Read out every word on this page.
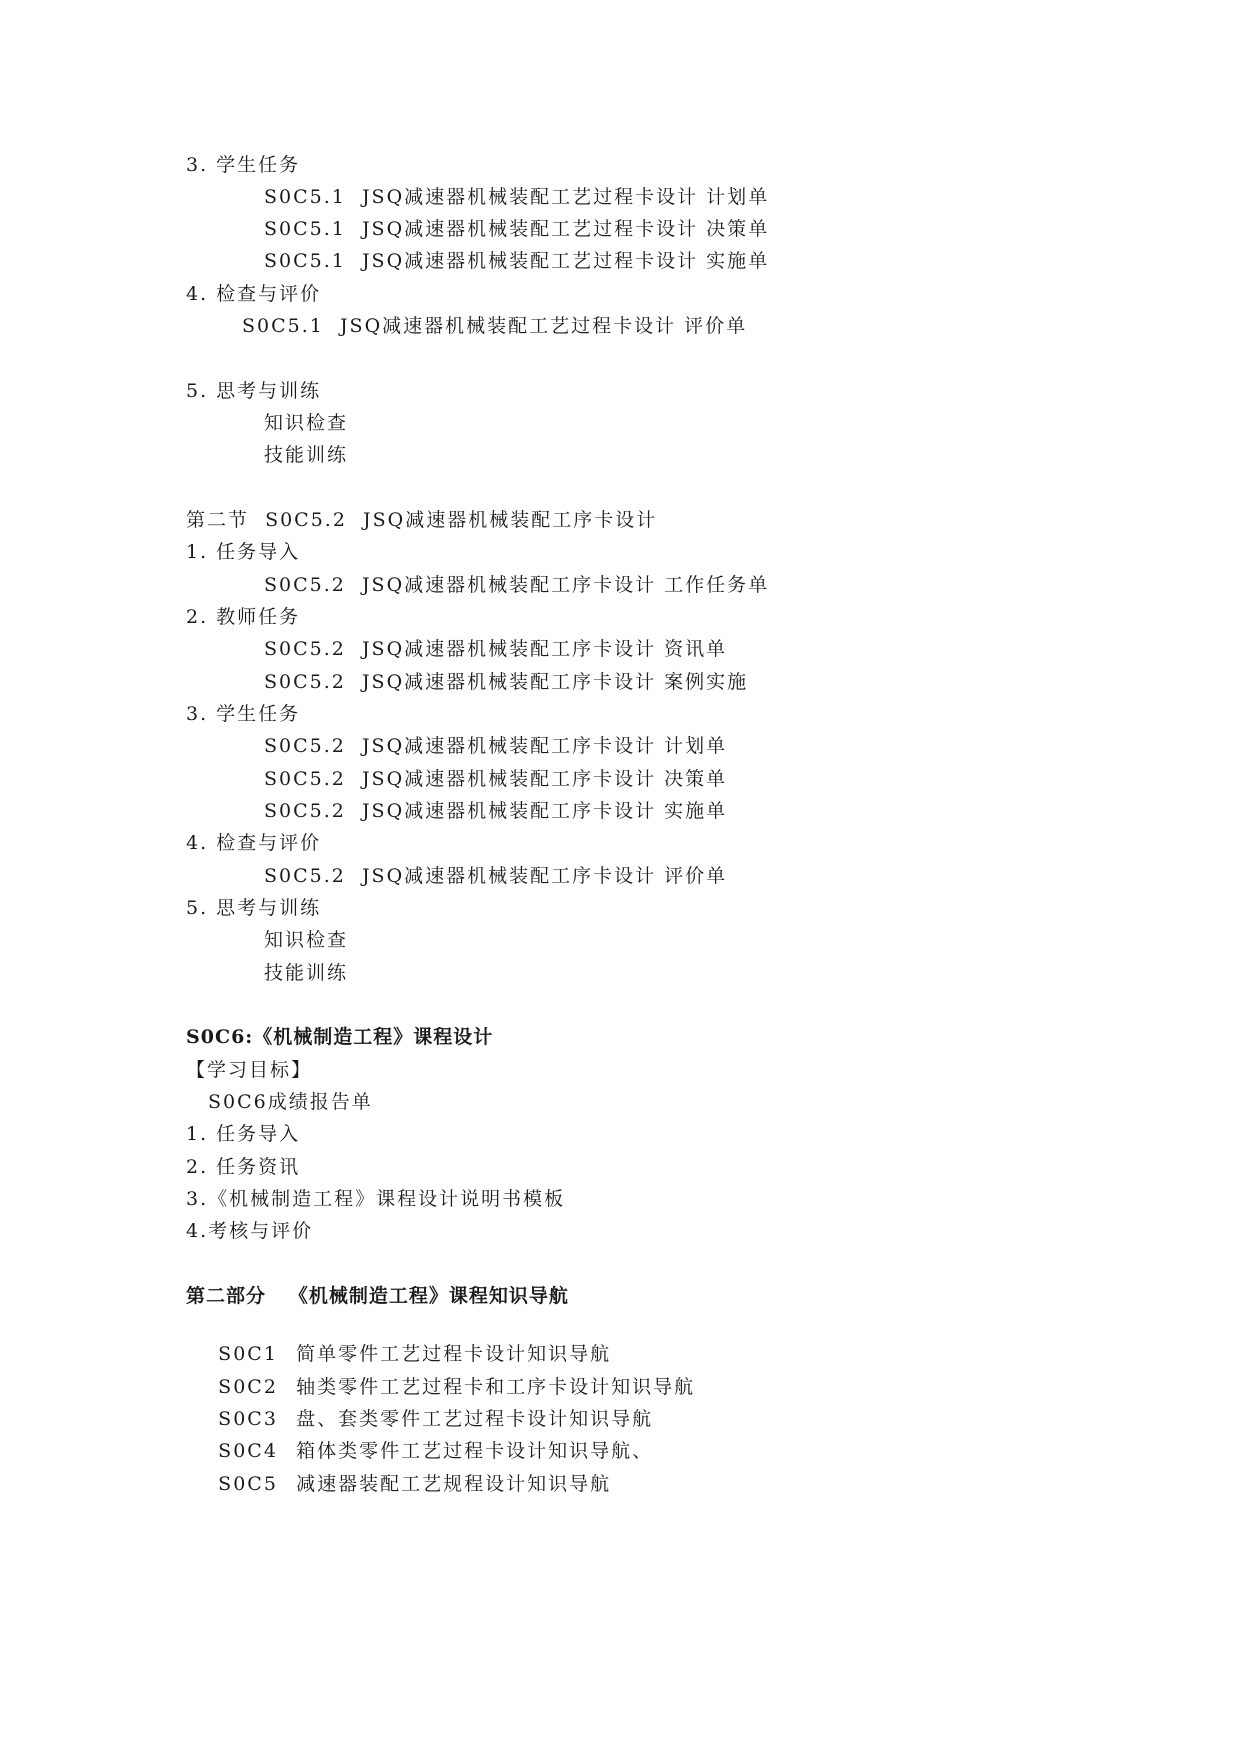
3. 学生任务
S0C5.1  JSQ减速器机械装配工艺过程卡设计 计划单
S0C5.1  JSQ减速器机械装配工艺过程卡设计 决策单
S0C5.1  JSQ减速器机械装配工艺过程卡设计 实施单
4. 检查与评价
S0C5.1  JSQ减速器机械装配工艺过程卡设计 评价单
5. 思考与训练
知识检查
技能训练
第二节  S0C5.2  JSQ减速器机械装配工序卡设计
1. 任务导入
S0C5.2  JSQ减速器机械装配工序卡设计 工作任务单
2. 教师任务
S0C5.2  JSQ减速器机械装配工序卡设计 资讯单
S0C5.2  JSQ减速器机械装配工序卡设计 案例实施
3. 学生任务
S0C5.2  JSQ减速器机械装配工序卡设计 计划单
S0C5.2  JSQ减速器机械装配工序卡设计 决策单
S0C5.2  JSQ减速器机械装配工序卡设计 实施单
4. 检查与评价
S0C5.2  JSQ减速器机械装配工序卡设计 评价单
5. 思考与训练
知识检查
技能训练
S0C6:《机械制造工程》课程设计
【学习目标】
S0C6成绩报告单
1. 任务导入
2. 任务资讯
3.《机械制造工程》课程设计说明书模板
4.考核与评价
第二部分   《机械制造工程》课程知识导航

S0C1 简单零件工艺过程卡设计知识导航

S0C2 轴类零件工艺过程卡和工序卡设计知识导航

S0C3 盘、套类零件工艺过程卡设计知识导航

S0C4 箱体类零件工艺过程卡设计知识导航、

S0C5 减速器装配工艺规程设计知识导航
